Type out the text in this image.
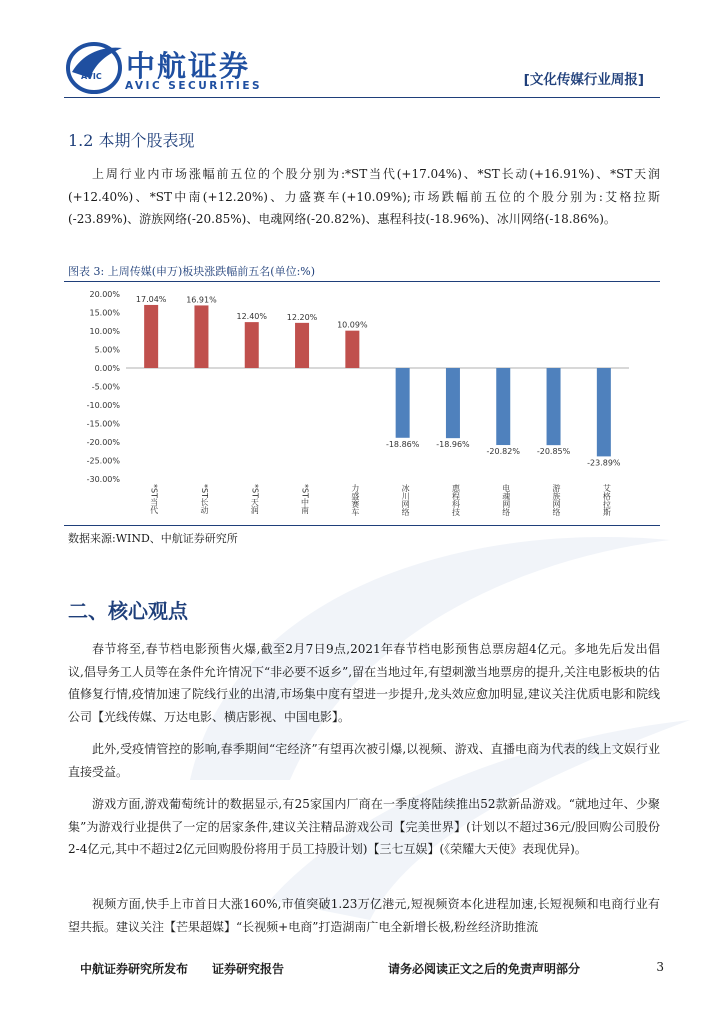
AVIC 中航证券
AVIC SECURITIES	[文化传媒行业周报]
1.2 本期个股表现
上周行业内市场涨幅前五位的个股分别为:*ST当代(+17.04%)、*ST长动(+16.91%)、*ST天润(+12.40%)、*ST中南(+12.20%)、力盛赛车(+10.09%);市场跌幅前五位的个股分别为:艾格拉斯(-23.89%)、游族网络(-20.85%)、电魂网络(-20.82%)、惠程科技(-18.96%)、冰川网络(-18.86%)。
图表 3: 上周传媒(申万)板块涨跌幅前五名(单位:%)
20.00%
15.00%
10.00%
5.00%
0.00%
-5.00%
-10.00%
-15.00%
-20.00%
-25.00%
-30.00%
17.04%
*ST当代
16.91%
*ST长动
12.40%
*ST天润
12.20%
*ST中南
10.09%
力盛赛车
-18.86%
冰川网络
-18.96%
惠程科技
-20.82%
电魂网络
-20.85%
游族网络
-23.89%
艾格拉斯
数据来源:WIND、中航证券研究所
二、核心观点
春节将至,春节档电影预售火爆,截至2月7日9点,2021年春节档电影预售总票房超4亿元。多地先后发出倡议,倡导务工人员等在条件允许情况下“非必要不返乡”,留在当地过年,有望刺激当地票房的提升,关注电影板块的估值修复行情,疫情加速了院线行业的出清,市场集中度有望进一步提升,龙头效应愈加明显,建议关注优质电影和院线公司【光线传媒、万达电影、横店影视、中国电影】。
此外,受疫情管控的影响,春季期间“宅经济”有望再次被引爆,以视频、游戏、直播电商为代表的线上文娱行业直接受益。
游戏方面,游戏葡萄统计的数据显示,有25家国内厂商在一季度将陆续推出52款新品游戏。“就地过年、少聚集”为游戏行业提供了一定的居家条件,建议关注精品游戏公司【完美世界】(计划以不超过36元/股回购公司股份2-4亿元,其中不超过2亿元回购股份将用于员工持股计划)【三七互娱】(《荣耀大天使》表现优异)。
视频方面,快手上市首日大涨160%,市值突破1.23万亿港元,短视频资本化进程加速,长短视频和电商行业有望共振。建议关注【芒果超媒】“长视频+电商”打造湖南广电全新增长极,粉丝经济助推流
中航证券研究所发布 证券研究报告	请务必阅读正文之后的免责声明部分	3
